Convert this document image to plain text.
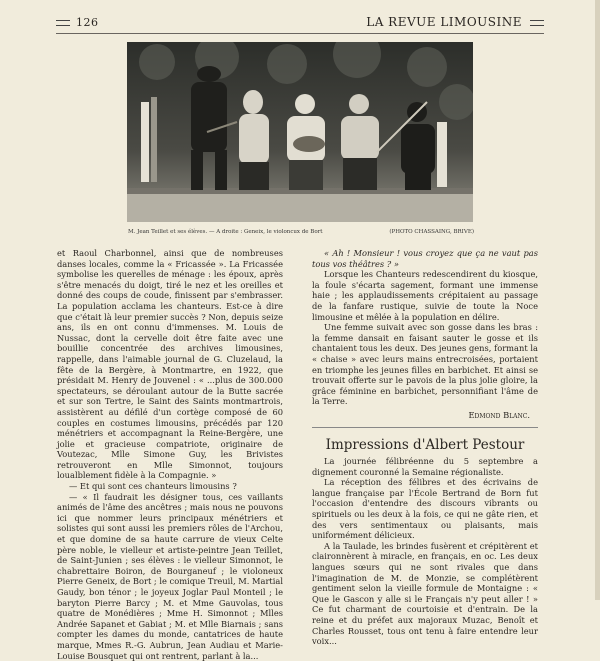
126	LA REVUE LIMOUSINE
M. Jean Teillet et ses élèves. — A droite : Geneix, le violoncux de Bort	(PHOTO CHASSAING, BRIVE)

et Raoul Charbonnel, ainsi que de nombreuses danses locales, comme la « Fricassée ». La Fricassée symbolise les querelles de ménage : les époux, après s'être menacés du doigt, tiré le nez et les oreilles et donné des coups de coude, finissent par s'embrasser. La population acclama les chanteurs. Est-ce à dire que c'était là leur premier succès ? Non, depuis seize ans, ils en ont connu d'immenses. M. Louis de Nussac, dont la cervelle doit être faite avec une bouillie concentrée des archives limousines, rappelle, dans l'aimable journal de G. Cluzelaud, la fête de la Bergère, à Montmartre, en 1922, que présidait M. Henry de Jouvenel : « ...plus de 300.000 spectateurs, se déroulant autour de la Butte sacrée et sur son Tertre, le Saint des Saints montmartrois, assistèrent au défilé d'un cortège composé de 60 couples en costumes limousins, précédés par 120 ménétriers et accompagnant la Reine-Bergère, une jolie et gracieuse compatriote, originaire de Voutezac, Mlle Simone Guy, les Brivistes retrouveront en Mlle Simonnot, toujours loualblement fidèle à la Compagnie. »

— Et qui sont ces chanteurs limousins ?

— « Il faudrait les désigner tous, ces vaillants animés de l'âme des ancêtres ; mais nous ne pouvons ici que nommer leurs principaux ménétriers et solistes qui sont aussi les premiers rôles de l'Archou, et que domine de sa haute carrure de vieux Celte père noble, le vielleur et artiste-peintre Jean Teillet, de Saint-Junien ; ses élèves : le vielleur Simonnot, le chabrettaire Boiron, de Bourganeuf ; le violoneux Pierre Geneix, de Bort ; le comique Treuil, M. Martial Gaudy, bon ténor ; le joyeux Joglar Paul Monteil ; le baryton Pierre Barcy ; M. et Mme Gauvolas, tous quatre de Monédières ; Mme H. Simonnot ; Mlles Andrée Sapanet et Gabiat ; M. et Mlle Biarnais ; sans compter les dames du monde, cantatrices de haute marque, Mmes R.-G. Aubrun, Jean Audiau et Marie-Louise Bousquet qui ont rentrent, parlant à la...

« Ah ! Monsieur ! vous croyez que ça ne vaut pas tous vos théâtres ? »

Lorsque les Chanteurs redescendirent du kiosque, la foule s'écarta sagement, formant une immense haie ; les applaudissements crépitaient au passage de la fanfare rustique, suivie de toute la Noce limousine et mêlée à la population en délire.

Une femme suivait avec son gosse dans les bras : la femme dansait en faisant sauter le gosse et ils chantaient tous les deux. Des jeunes gens, formant la « chaise » avec leurs mains entrecroisées, portaient en triomphe les jeunes filles en barbichet. Et ainsi se trouvait offerte sur le pavois de la plus jolie gloire, la grâce féminine en barbichet, personnifiant l'âme de la Terre.

Edmond Blanc.
Impressions d'Albert Pestour

La journée félibréenne du 5 septembre a dignement couronné la Semaine régionaliste.

La réception des félibres et des écrivains de langue française par l'École Bertrand de Born fut l'occasion d'entendre des discours vibrants ou spirituels ou les deux à la fois, ce qui ne gâte rien, et des vers sentimentaux ou plaisants, mais uniformément délicieux.

A la Taulade, les brindes fusèrent et crépitèrent et claironnèrent à miracle, en français, en oc. Les deux langues sœurs qui ne sont rivales que dans l'imagination de M. de Monzie, se complétèrent gentiment selon la vieille formule de Montaigne : « Que le Gascon y alle si le Français n'y peut aller ! » Ce fut charmant de courtoisie et d'entrain. De la reine et du préfet aux majoraux Muzac, Benoît et Charles Rousset, tous ont tenu à faire entendre leur voix...
